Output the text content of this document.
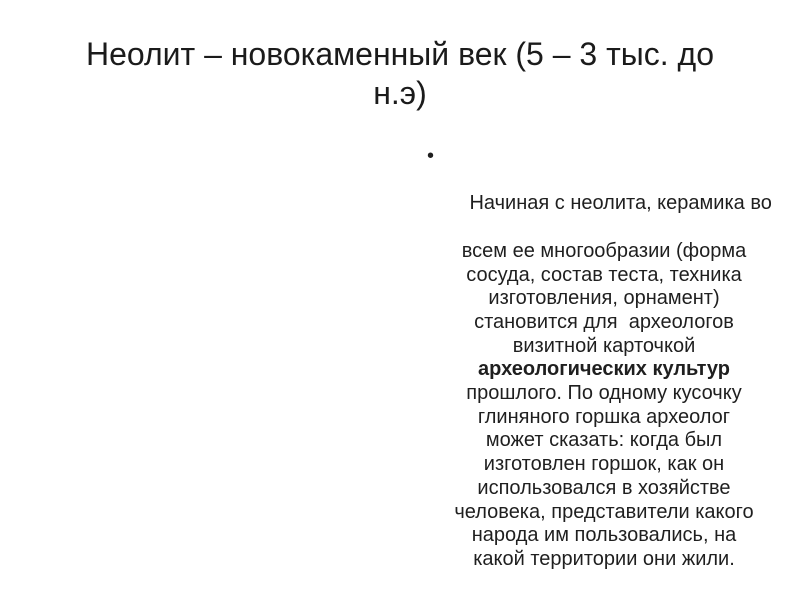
Неолит – новокаменный век (5 – 3 тыс. до
н.э)

•

Начиная с неолита, керамика во

всем ее многообразии (форма
сосуда, состав теста, техника
изготовления, орнамент)
становится для  археологов
визитной карточкой
археологических культур
прошлого. По одному кусочку
глиняного горшка археолог
может сказать: когда был
изготовлен горшок, как он
использовался в хозяйстве
человека, представители какого
народа им пользовались, на
какой территории они жили.
